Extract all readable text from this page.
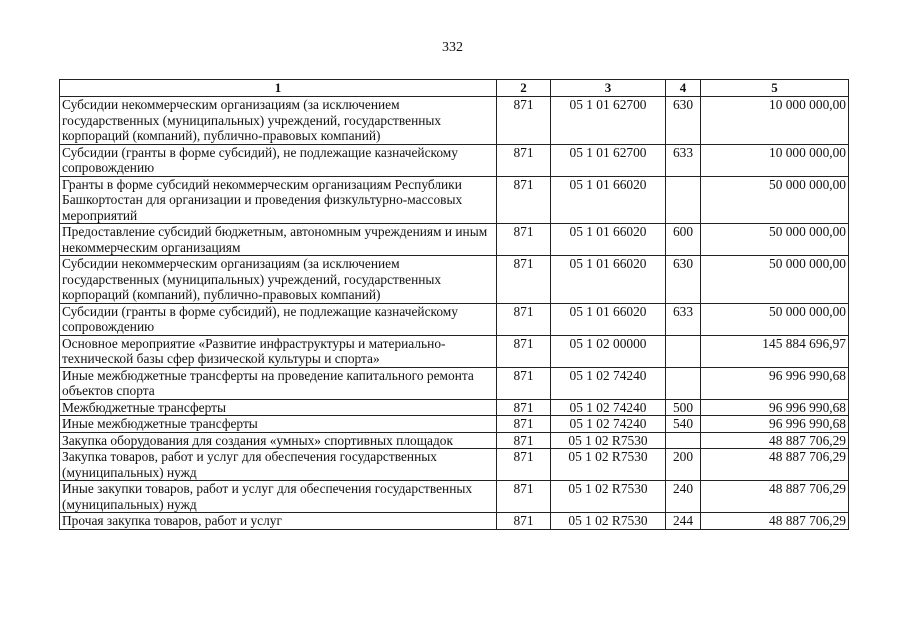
332
1	2	3	4	5
Субсидии некоммерческим организациям (за исключением государственных (муниципальных) учреждений, государственных корпораций (компаний), публично-правовых компаний)	871	05 1 01 62700	630	10 000 000,00
Субсидии (гранты в форме субсидий), не подлежащие казначейскому сопровождению	871	05 1 01 62700	633	10 000 000,00
Гранты в форме субсидий некоммерческим организациям Республики Башкортостан для организации и проведения физкультурно-массовых мероприятий	871	05 1 01 66020		50 000 000,00
Предоставление субсидий бюджетным, автономным учреждениям и иным некоммерческим организациям	871	05 1 01 66020	600	50 000 000,00
Субсидии некоммерческим организациям (за исключением государственных (муниципальных) учреждений, государственных корпораций (компаний), публично-правовых компаний)	871	05 1 01 66020	630	50 000 000,00
Субсидии (гранты в форме субсидий), не подлежащие казначейскому сопровождению	871	05 1 01 66020	633	50 000 000,00
Основное мероприятие «Развитие инфраструктуры и материально-технической базы сфер физической культуры и спорта»	871	05 1 02 00000		145 884 696,97
Иные межбюджетные трансферты на проведение капитального ремонта объектов спорта	871	05 1 02 74240		96 996 990,68
Межбюджетные трансферты	871	05 1 02 74240	500	96 996 990,68
Иные межбюджетные трансферты	871	05 1 02 74240	540	96 996 990,68
Закупка оборудования для создания «умных» спортивных площадок	871	05 1 02 R7530		48 887 706,29
Закупка товаров, работ и услуг для обеспечения государственных (муниципальных) нужд	871	05 1 02 R7530	200	48 887 706,29
Иные закупки товаров, работ и услуг для обеспечения государственных (муниципальных) нужд	871	05 1 02 R7530	240	48 887 706,29
Прочая закупка товаров, работ и услуг	871	05 1 02 R7530	244	48 887 706,29
